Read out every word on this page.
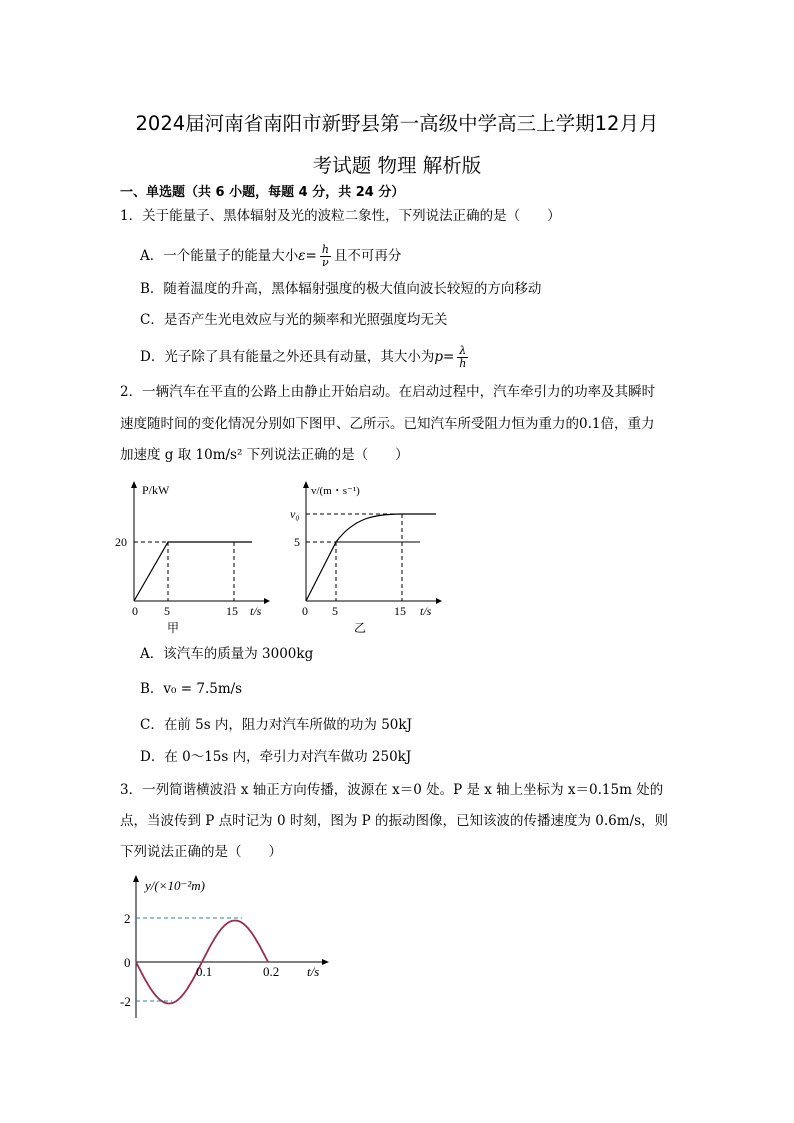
2024届河南省南阳市新野县第一高级中学高三上学期12月月
考试题 物理 解析版
一、单选题（共 6 小题，每题 4 分，共 24 分）
1．关于能量子、黑体辐射及光的波粒二象性，下列说法正确的是（　　）
A．一个能量子的能量大小$\varepsilon= \frac{h}{\nu}$ 且不可再分
B．随着温度的升高，黑体辐射强度的极大值向波长较短的方向移动
C．是否产生光电效应与光的频率和光照强度均无关
D．光子除了具有能量之外还具有动量，其大小为$p= \frac{\lambda}{h}$
2．一辆汽车在平直的公路上由静止开始启动。在启动过程中，汽车牵引力的功率及其瞬时
速度随时间的变化情况分别如下图甲、乙所示。已知汽车所受阻力恒为重力的0.1倍，重力
加速度 g 取 10m/s² 下列说法正确的是（　　）
P/kW
20
0 5	15 t/s
甲
v/(m・s⁻¹)
v₀
5
0 5	15 t/s
乙
A．该汽车的质量为 3000kg
B．v₀ = 7.5m/s
C．在前 5s 内，阻力对汽车所做的功为 50kJ
D．在 0～15s 内，牵引力对汽车做功 250kJ
3．一列简谐横波沿 x 轴正方向传播，波源在 x＝0 处。P 是 x 轴上坐标为 x＝0.15m 处的
点，当波传到 P 点时记为 0 时刻，图为 P 的振动图像，已知该波的传播速度为 0.6m/s，则
下列说法正确的是（　　）
y/(×10⁻²m)
2
0
-2
0.1	0.2 t/s
